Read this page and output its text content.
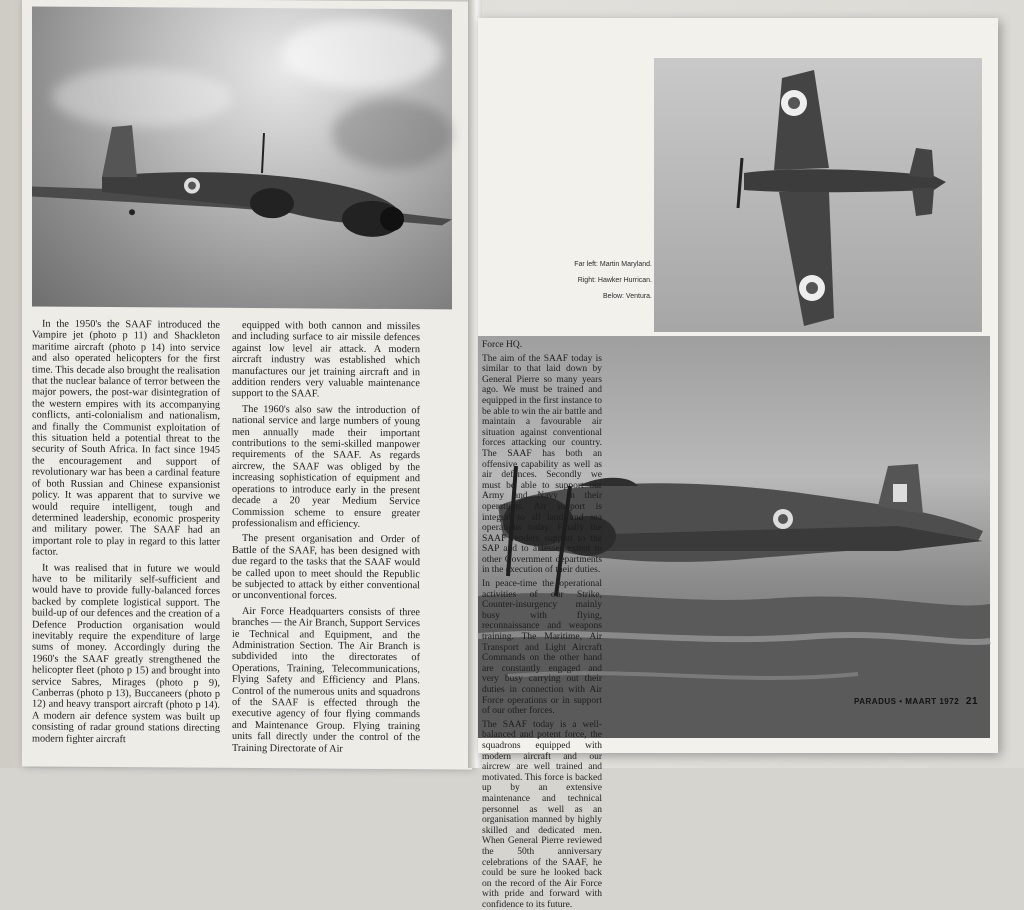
In the 1950's the SAAF introduced the Vampire jet (photo p 11) and Shackleton maritime aircraft (photo p 14) into service and also operated helicopters for the first time. This decade also brought the realisation that the nuclear balance of terror between the major powers, the post-war disintegration of the western empires with its accompanying conflicts, anti-colonialism and nationalism, and finally the Communist exploitation of this situation held a potential threat to the security of South Africa. In fact since 1945 the encouragement and support of revolutionary war has been a cardinal feature of both Russian and Chinese expansionist policy. It was apparent that to survive we would require intelligent, tough and determined leadership, economic prosperity and military power. The SAAF had an important role to play in regard to this latter factor.

It was realised that in future we would have to be militarily self-sufficient and would have to provide fully-balanced forces backed by complete logistical support. The build-up of our defences and the creation of a Defence Production organisation would inevitably require the expenditure of large sums of money. Accordingly during the 1960's the SAAF greatly strengthened the helicopter fleet (photo p 15) and brought into service Sabres, Mirages (photo p 9), Canberras (photo p 13), Buccaneers (photo p 12) and heavy transport aircraft (photo p 14). A modern air defence system was built up consisting of radar ground stations directing modern fighter aircraft

equipped with both cannon and missiles and including surface to air missile defences against low level air attack. A modern aircraft industry was established which manufactures our jet training aircraft and in addition renders very valuable maintenance support to the SAAF.

The 1960's also saw the introduction of national service and large numbers of young men annually made their important contributions to the semi-skilled manpower requirements of the SAAF. As regards aircrew, the SAAF was obliged by the increasing sophistication of equipment and operations to introduce early in the present decade a 20 year Medium Service Commission scheme to ensure greater professionalism and efficiency.

The present organisation and Order of Battle of the SAAF, has been designed with due regard to the tasks that the SAAF would be called upon to meet should the Republic be subjected to attack by either conventional or unconventional forces.

Air Force Headquarters consists of three branches — the Air Branch, Support Services ie Technical and Equipment, and the Administration Section. The Air Branch is subdivided into the directorates of Operations, Training, Telecommunications, Flying Safety and Efficiency and Plans. Control of the numerous units and squadrons of the SAAF is effected through the executive agency of four flying commands and Maintenance Group. Flying training units fall directly under the control of the Training Directorate of Air

Far left: Martin Maryland.
Right: Hawker Hurrican.
Below: Ventura.

Force HQ.

The aim of the SAAF today is similar to that laid down by General Pierre so many years ago. We must be trained and equipped in the first instance to be able to win the air battle and maintain a favourable air situation against conventional forces attacking our country. The SAAF has both an offensive capability as well as air defences. Secondly we must be able to support our Army and Navy in their operations. Air support is integral to all land and sea operations today. Finally the SAAF renders support to the SAP and to a lesser extent to other Government departments in the execution of their duties.

In peace-time the operational activities of our Strike, Counter-insurgency mainly busy with flying, reconnaissance and weapons training. The Maritime, Air Transport and Light Aircraft Commands on the other hand are constantly engaged and very busy carrying out their duties in connection with Air Force operations or in support of our other forces.

The SAAF today is a well-balanced and potent force, the squadrons equipped with modern aircraft and our aircrew are well trained and motivated. This force is backed up by an extensive maintenance and technical personnel as well as an organisation manned by highly skilled and dedicated men. When General Pierre reviewed the 50th anniversary celebrations of the SAAF, he could be sure he looked back on the record of the Air Force with pride and forward with confidence to its future.

PARADUS • MAART 1972 21
